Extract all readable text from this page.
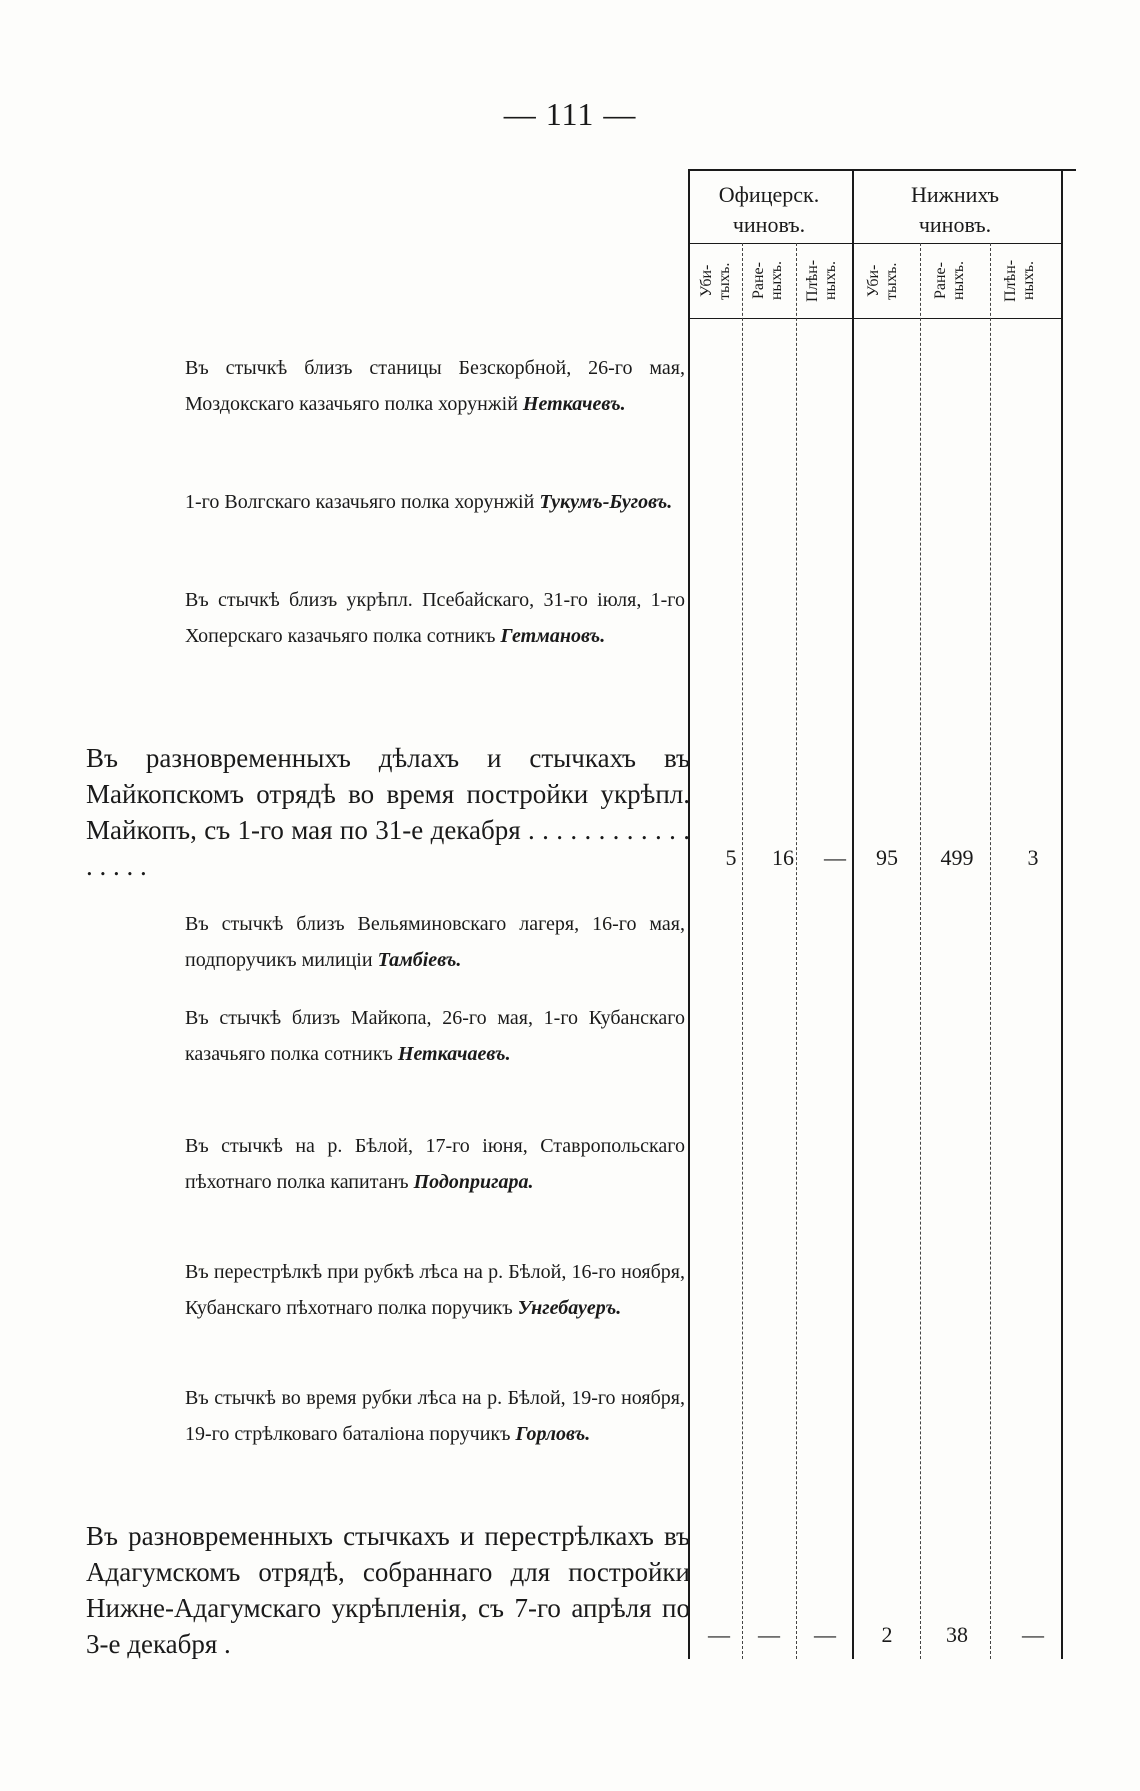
— 111 —
Офицерск. чиновъ.
Нижнихъ чиновъ.
Уби-тыхъ.	Ране-ныхъ.	Плѣн-ныхъ.	Уби-тыхъ.	Ране-ныхъ.	Плѣн-ныхъ.
Въ стычкѣ близъ станицы Безскорбной, 26-го мая, Моздокскаго казачьяго полка хорунжій Неткачевъ.
1-го Волгскаго казачьяго полка хорунжій Тукумъ-Буговъ.
Въ стычкѣ близъ укрѣпл. Псебайскаго, 31-го іюля, 1-го Хоперскаго казачьяго полка сотникъ Гетмановъ.
Въ разновременныхъ дѣлахъ и стычкахъ въ Майкопскомъ отрядѣ во время постройки укрѣпл. Майкопъ, съ 1-го мая по 31-е декабря . . . . . . . . . . . . . . . . .	5	16	—	95	499	3
Въ стычкѣ близъ Вельяминовскаго лагеря, 16-го мая, подпоручикъ милиціи Тамбіевъ.
Въ стычкѣ близъ Майкопа, 26-го мая, 1-го Кубанскаго казачьяго полка сотникъ Неткачаевъ.
Въ стычкѣ на р. Бѣлой, 17-го іюня, Ставропольскаго пѣхотнаго полка капитанъ Подопригара.
Въ перестрѣлкѣ при рубкѣ лѣса на р. Бѣлой, 16-го ноября, Кубанскаго пѣхотнаго полка поручикъ Унгебауеръ.
Въ стычкѣ во время рубки лѣса на р. Бѣлой, 19-го ноября, 19-го стрѣлковаго баталіона поручикъ Горловъ.
Въ разновременныхъ стычкахъ и перестрѣлкахъ въ Адагумскомъ отрядѣ, собраннаго для постройки Нижне-Адагумскаго укрѣпленія, съ 7-го апрѣля по 3-е декабря .	—	—	—	2	38	—
